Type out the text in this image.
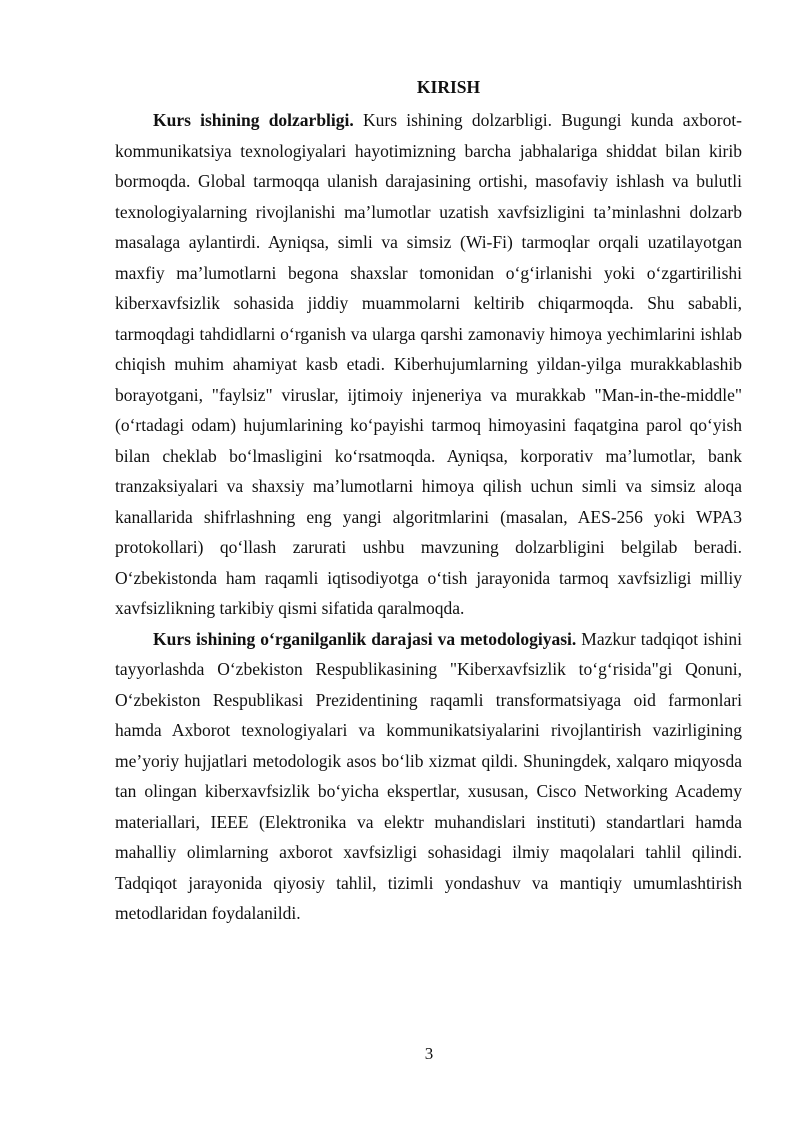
KIRISH

Kurs ishining dolzarbligi. Kurs ishining dolzarbligi. Bugungi kunda axborot-kommunikatsiya texnologiyalari hayotimizning barcha jabhalariga shiddat bilan kirib bormoqda. Global tarmoqqa ulanish darajasining ortishi, masofaviy ishlash va bulutli texnologiyalarning rivojlanishi ma’lumotlar uzatish xavfsizligini ta’minlashni dolzarb masalaga aylantirdi. Ayniqsa, simli va simsiz (Wi-Fi) tarmoqlar orqali uzatilayotgan maxfiy ma’lumotlarni begona shaxslar tomonidan o‘g‘irlanishi yoki o‘zgartirilishi kiberxavfsizlik sohasida jiddiy muammolarni keltirib chiqarmoqda. Shu sababli, tarmoqdagi tahdidlarni o‘rganish va ularga qarshi zamonaviy himoya yechimlarini ishlab chiqish muhim ahamiyat kasb etadi. Kiberhujumlarning yildan-yilga murakkablashib borayotgani, "faylsiz" viruslar, ijtimoiy injeneriya va murakkab "Man-in-the-middle" (o‘rtadagi odam) hujumlarining ko‘payishi tarmoq himoyasini faqatgina parol qo‘yish bilan cheklab bo‘lmasligini ko‘rsatmoqda. Ayniqsa, korporativ ma’lumotlar, bank tranzaksiyalari va shaxsiy ma’lumotlarni himoya qilish uchun simli va simsiz aloqa kanallarida shifrlashning eng yangi algoritmlarini (masalan, AES-256 yoki WPA3 protokollari) qo‘llash zarurati ushbu mavzuning dolzarbligini belgilab beradi. O‘zbekistonda ham raqamli iqtisodiyotga o‘tish jarayonida tarmoq xavfsizligi milliy xavfsizlikning tarkibiy qismi sifatida qaralmoqda.

Kurs ishining o‘rganilganlik darajasi va metodologiyasi. Mazkur tadqiqot ishini tayyorlashda O‘zbekiston Respublikasining "Kiberxavfsizlik to‘g‘risida"gi Qonuni, O‘zbekiston Respublikasi Prezidentining raqamli transformatsiyaga oid farmonlari hamda Axborot texnologiyalari va kommunikatsiyalarini rivojlantirish vazirligining me’yoriy hujjatlari metodologik asos bo‘lib xizmat qildi. Shuningdek, xalqaro miqyosda tan olingan kiberxavfsizlik bo‘yicha ekspertlar, xususan, Cisco Networking Academy materiallari, IEEE (Elektronika va elektr muhandislari instituti) standartlari hamda mahalliy olimlarning axborot xavfsizligi sohasidagi ilmiy maqolalari tahlil qilindi. Tadqiqot jarayonida qiyosiy tahlil, tizimli yondashuv va mantiqiy umumlashtirish metodlaridan foydalanildi.

3
